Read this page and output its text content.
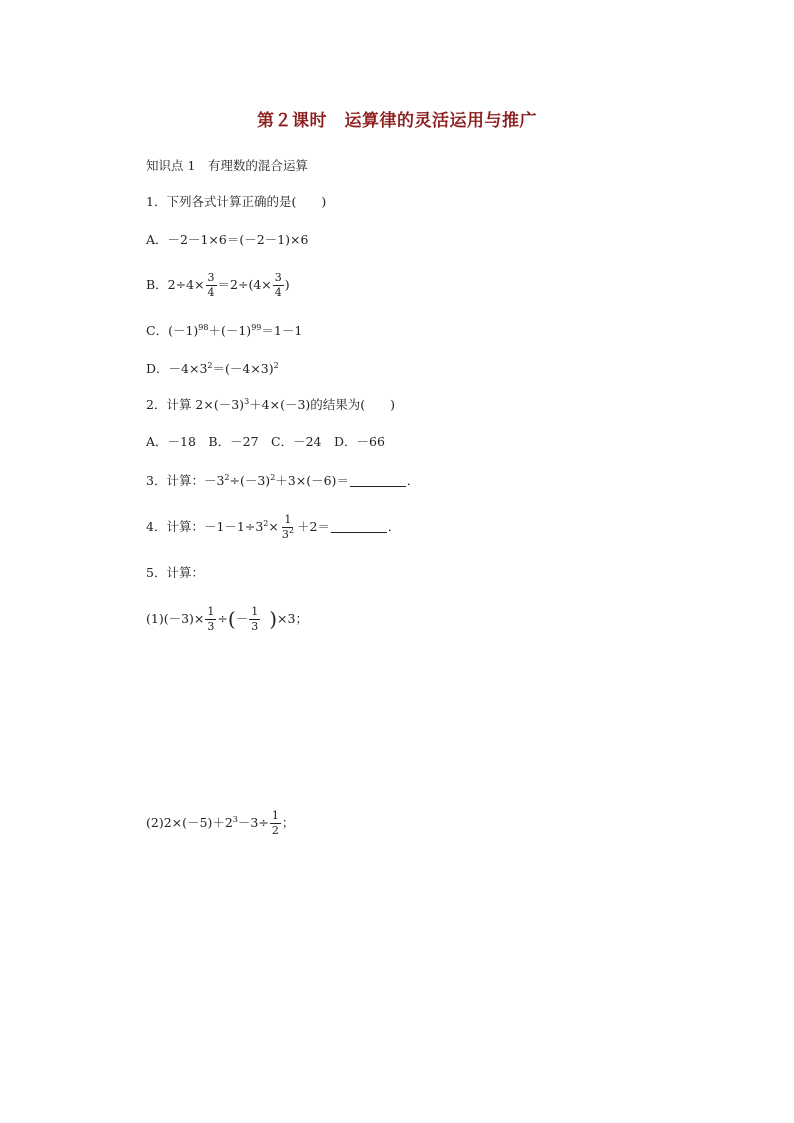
第２课时　运算律的灵活运用与推广
知识点 1　有理数的混合运算
1．下列各式计算正确的是(　　)
A．－2－1×6＝(－2－1)×6
B．$2\div 4\times \frac{3}{4} =2\div(4\times \frac{3}{4}$ )
C．$(-1)^{98}+(-1)^{99}=1-1$
D．$-4\times 3^2=(-4\times 3)^2$
2．计算 $2\times(-3)^3+4\times(-3)$的结果为(　　)
A．－18　B．－27　C．－24　D．－66
3．计算：$-3^2\div(-3)^2+3\times(-6)=$	．
4．计算：$-1-1\div 3^2\times \frac{1}{3^2} +2=$	．
5．计算：
$(1)(-3)\times \frac{1}{3}$ ÷(－ $\frac{1}{3} )\times 3$；
$(2)2\times(-5)+2^3-3\div \frac{1}{2}$ ；
